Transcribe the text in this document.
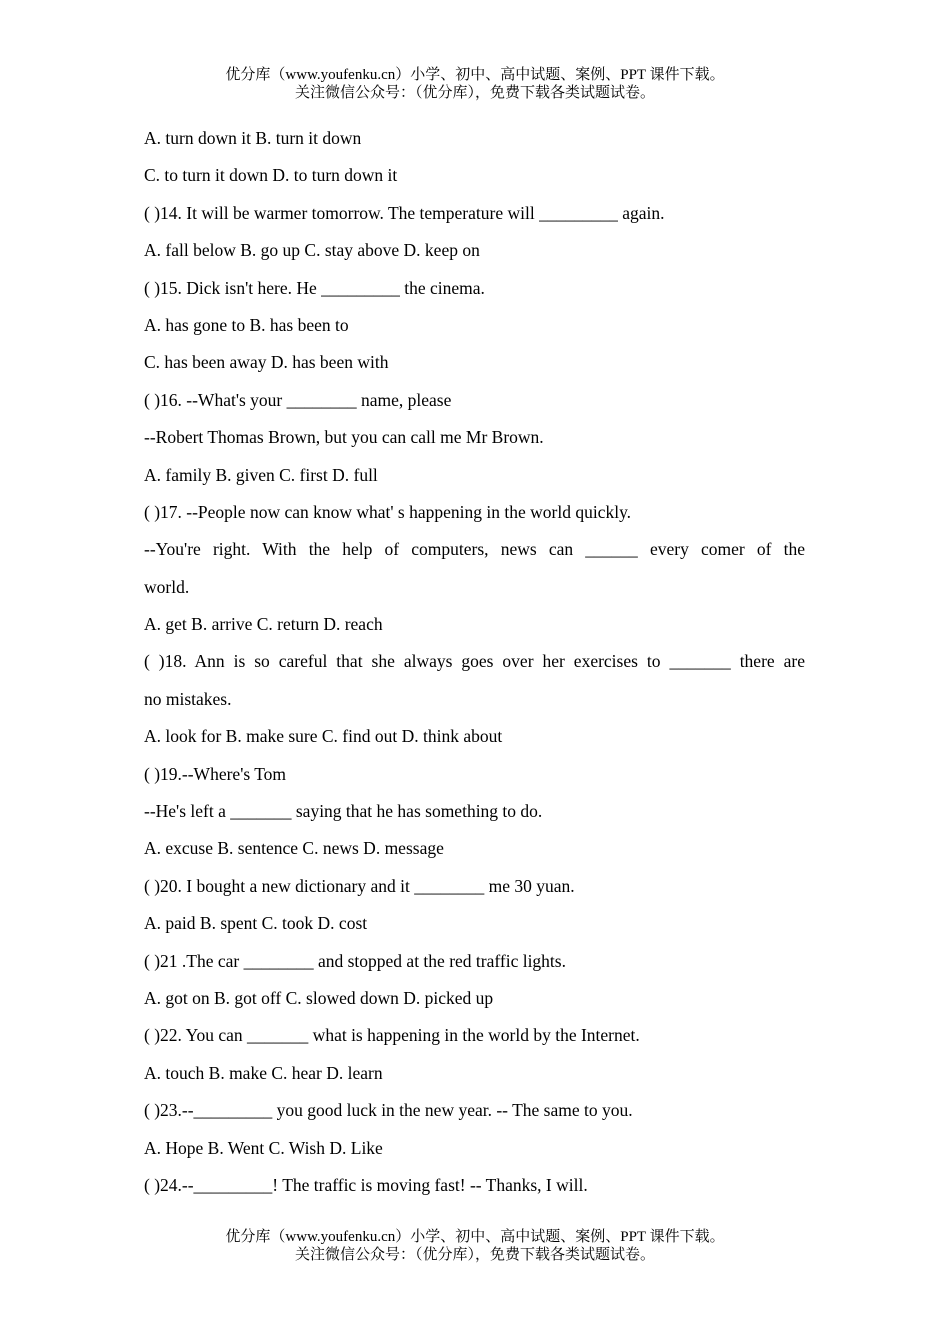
优分库（www.youfenku.cn）小学、初中、高中试题、案例、PPT 课件下载。
关注微信公众号：（优分库），免费下载各类试题试卷。
A. turn down it B. turn it down
C. to turn it down D. to turn down it
( )14. It will be warmer tomorrow. The temperature will _________ again.
A. fall below B. go up C. stay above D. keep on
( )15. Dick isn't here. He _________ the cinema.
A. has gone to B. has been to
C. has been away D. has been with
( )16. --What's your ________ name, please
--Robert Thomas Brown, but you can call me Mr Brown.
A. family B. given C. first D. full
( )17. --People now can know what' s happening in the world quickly.
--You're right. With the help of computers, news can ______ every comer of the
world.
A. get B. arrive C. return D. reach
( )18. Ann is so careful that she always goes over her exercises to _______ there are
no mistakes.
A. look for B. make sure C. find out D. think about
( )19.--Where's Tom
--He's left a _______ saying that he has something to do.
A. excuse B. sentence C. news D. message
( )20. I bought a new dictionary and it ________ me 30 yuan.
A. paid B. spent C. took D. cost
( )21 .The car ________ and stopped at the red traffic lights.
A. got on B. got off C. slowed down D. picked up
( )22. You can _______ what is happening in the world by the Internet.
A. touch B. make C. hear D. learn
( )23.--_________ you good luck in the new year. -- The same to you.
A. Hope B. Went C. Wish D. Like
( )24.--_________! The traffic is moving fast! -- Thanks, I will.
优分库（www.youfenku.cn）小学、初中、高中试题、案例、PPT 课件下载。
关注微信公众号：（优分库），免费下载各类试题试卷。
